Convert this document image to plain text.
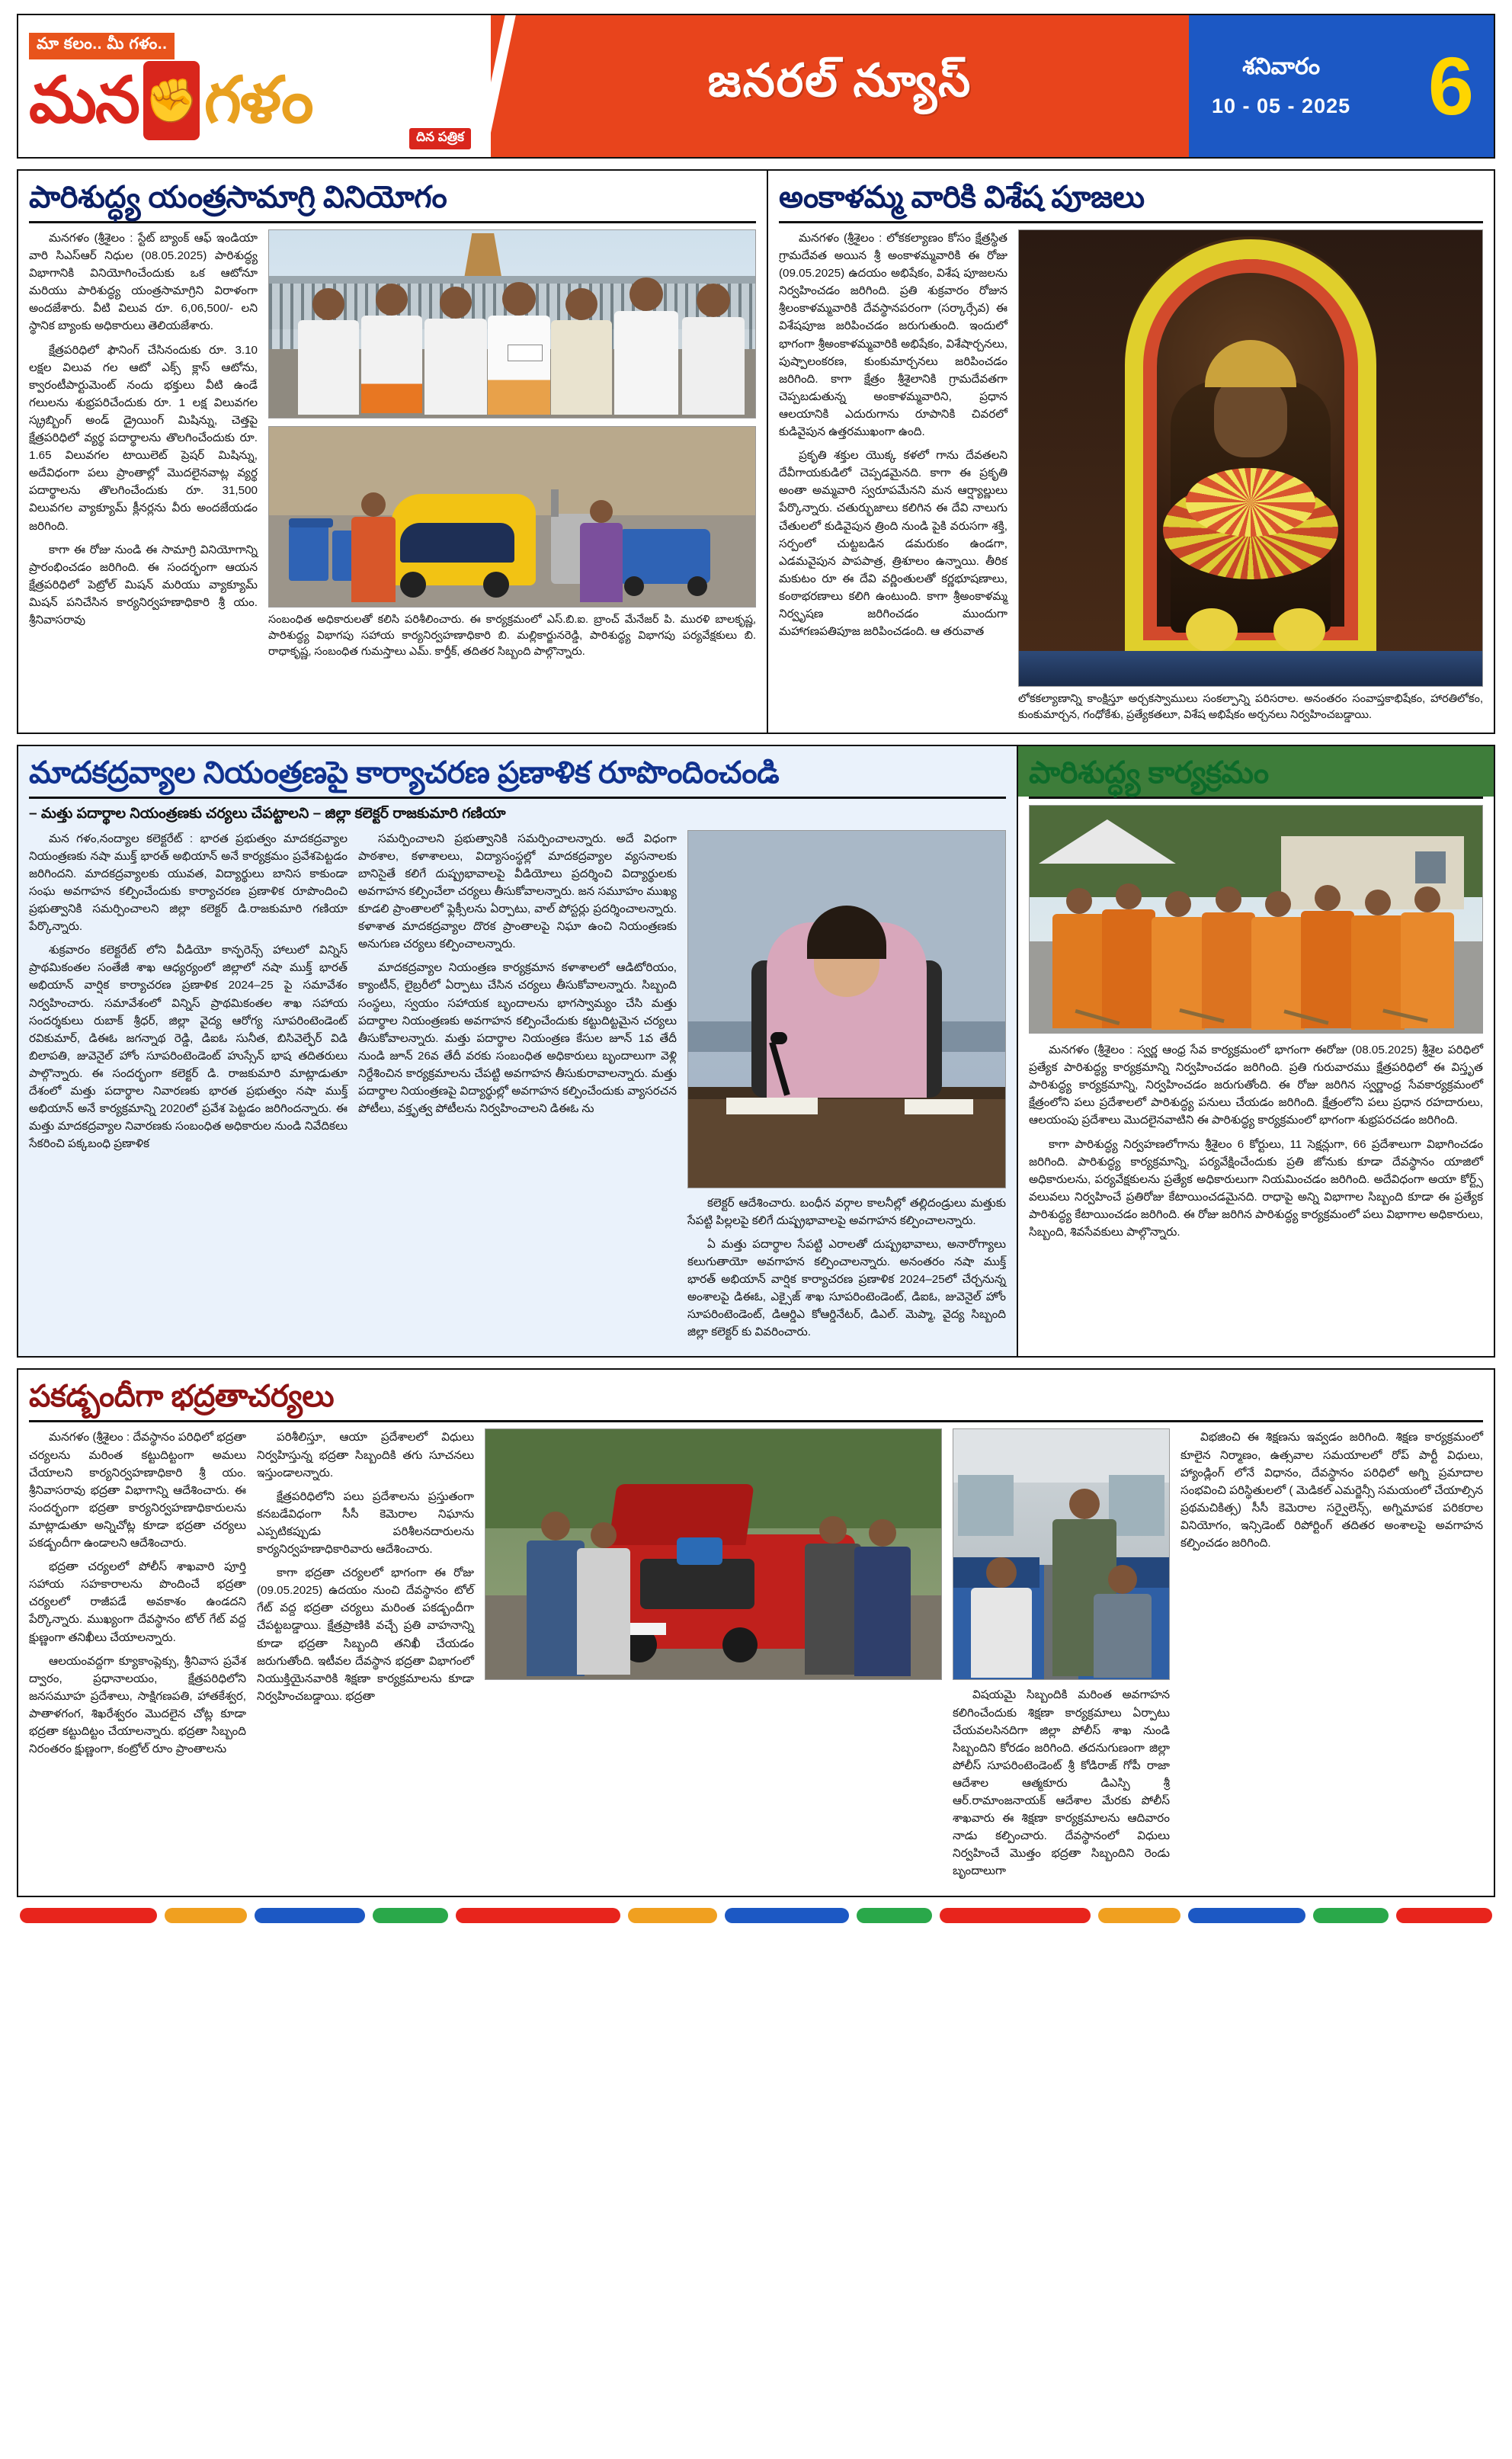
మా కలం.. మీ గళం..
మన ✊ గళం
దిన పత్రిక
జనరల్ న్యూస్	శనివారం
10 - 05 - 2025 6
పారిశుద్ధ్య యంత్రసామాగ్రి వినియోగం

మనగళం (శ్రీశైలం : స్టేట్ బ్యాంక్ ఆఫ్ ఇండియా వారి సిఎస్ఆర్ నిధుల (08.05.2025) పారిశుద్ధ్య విభాగానికి వినియోగించేందుకు ఒక ఆటోనూ మరియు పారిశుద్ధ్య యంత్రసామాగ్రిని విరాళంగా అందజేశారు. వీటి విలువ రూ. 6,06,500/- లని స్థానిక బ్యాంకు అధికారులు తెలియజేశారు.

క్షేత్రపరిధిలో ఫౌనింగ్ చేసినందుకు రూ. 3.10 లక్షల విలువ గల ఆటో ఎక్స్ క్లాస్ ఆటోను, క్వారంటీపార్టుమెంట్ నందు భక్తులు వీటి ఉండే గలులను శుభ్రపరిచేందుకు రూ. 1 లక్ష విలువగల స్క్రబ్బింగ్ అండ్ డ్రైయింగ్ మిషిన్ను, చెత్తపై క్షేత్రపరిధిలో వ్యర్థ పదార్థాలను తొలగించేందుకు రూ. 1.65 విలువగల టాయిలెట్ ప్రెషర్ మిషిన్ను, అదేవిధంగా పలు ప్రాంతాల్లో మొదలైనవాట్ల వ్యర్థ పదార్థాలను తొలగించేందుకు రూ. 31,500 విలువగల వ్యాక్యూమ్ క్లీనర్లను వీరు అందజేయడం జరిగింది.

కాగా ఈ రోజు నుండి ఈ సామాగ్రి వినియోగాన్ని ప్రారంభించడం జరిగింది. ఈ సందర్భంగా ఆయన క్షేత్రపరిధిలో పెట్రోల్ మిషన్ మరియు వ్యాక్యూమ్ మిషన్ పనిచేసిన కార్యనిర్వహణాధికారి శ్రీ యం. శ్రీనివాసరావు	సంబంధిత అధికారులతో కలిసి పరిశీలించారు. ఈ కార్యక్రమంలో ఎస్.బి.ఐ. బ్రాంచ్ మేనేజర్ పి. మురళి బాలకృష్ణ, పారిశుద్ధ్య విభాగపు సహాయ కార్యనిర్వహణాధికారి బి. మల్లికార్జునరెడ్డి, పారిశుద్ధ్య విభాగపు పర్యవేక్షకులు బి. రాధాకృష్ణ, సంబంధిత గుమస్తాలు ఎమ్. కార్తీక్, తదితర సిబ్బంది పాల్గొన్నారు.

అంకాళమ్మ వారికి విశేష పూజలు

మనగళం (శ్రీశైలం : లోకకల్యాణం కోసం క్షేత్రస్థిత గ్రామదేవత అయిన శ్రీ అంకాళమ్మవారికి ఈ రోజు (09.05.2025) ఉదయం అభిషేకం, విశేష పూజలను నిర్వహించడం జరిగింది. ప్రతి శుక్రవారం రోజున శ్రీలంకాళమ్మవారికి దేవస్థానపరంగా (సర్కార్సేవ) ఈ విశేషపూజ జరిపించడం జరుగుతుంది. ఇందులో భాగంగా శ్రీఅంకాళమ్మవారికి అభిషేకం, విశేషార్చనలు, పుష్పాలంకరణ, కుంకుమార్చనలు జరిపించడం జరిగింది. కాగా క్షేత్రం శ్రీశైలానికి గ్రామదేవతగా చెప్పబడుతున్న అంకాళమ్మవారిని, ప్రధాన ఆలయానికి ఎదురుగాను రూపానికి చివరలో కుడివైపున ఉత్తరముఖంగా ఉంది.

ప్రకృతి శక్తుల యొక్క కళలో గాను దేవతలని దేవీగాయకుడిలో చెప్పడమైనది. కాగా ఈ ప్రకృతి అంతా అమ్మవారి స్వరూపమేనని మన ఆర్ష్యాల్ణులు పేర్కొన్నారు. చతుర్భుజాలు కలిగిన ఈ దేవి నాలుగు చేతులలో కుడివైపున త్రింది నుండి పైకి వరుసగా శక్తి, సర్పంలో చుట్టబడిన డమరుకం ఉండగా, ఎడమవైపున పాపపాత్ర, త్రిశూలం ఉన్నాయి. తీరిక మకుటం రూ ఈ దేవి వర్ణింతులతో కర్ణభూషణాలు, కంఠాభరణాలు కలిగి ఉంటుంది. కాగా శ్రీఅంకాళమ్మ నిర్వృషణ జరిగించడం ముందుగా మహాగణపతిపూజ జరిపించడంది. ఆ తరువాత

లోకకల్యాణాన్ని కాంక్షిస్తూ అర్చకస్వాములు సంకల్పాన్ని పరిసరాల. అనంతరం సంవాప్తకాభిషేకం, హారతిలోకం, కుంకుమార్చన, గంధోకేశు, ప్రత్యేకతలూ, విశేష అభిషేకం అర్చనలు నిర్వహించబడ్డాయి.

మాదకద్రవ్యాల నియంత్రణపై కార్యాచరణ ప్రణాళిక రూపొందించండి
– మత్తు పదార్థాల నియంత్రణకు చర్యలు చేపట్టాలని – జిల్లా కలెక్టర్ రాజకుమారి గణియా

మన గళం,నంద్యాల కలెక్టరేట్ : భారత ప్రభుత్వం మాదకద్రవ్యాల నియంత్రణకు నషా ముక్త్ భారత్ అభియాన్ అనే కార్యక్రమం ప్రవేశపెట్టడం జరిగిందని. మాదకద్రవ్యాలకు యువత, విద్యార్థులు బానిస కాకుండా సంఘ అవగాహన కల్పించేందుకు కార్యాచరణ ప్రణాళిక రూపొందించి ప్రభుత్వానికి సమర్పించాలని జిల్లా కలెక్టర్ డి.రాజకుమారి గణియా పేర్కొన్నారు.

శుక్రవారం కలెక్టరేట్ లోని వీడియో కాన్ఫరెన్స్ హాలులో విన్నిస్ ప్రాథమికంతల సంతేజీ శాఖ ఆధ్యర్యంలో జిల్లాలో నషా ముక్త్ భారత్ అభియాన్ వార్షిక కార్యాచరణ ప్రణాళిక 2024–25 పై సమావేశం నిర్వహించారు. సమావేశంలో విన్నిస్ ప్రాథమికంతల శాఖ సహాయ సందర్శకులు రుబాక్ శ్రీధర్, జిల్లా వైద్య ఆరోగ్య సూపరింటెండెంట్ రవికుమార్, డిఈఓ జగన్నాథ రెడ్డి, డిఐఓ సునీత, బిసివెల్ఫేర్ విడి బిలాపతి, జువెనైల్ హోం సూపరింటెండెంట్ హుస్సేన్ భాష తదితరులు పాల్గొన్నారు. ఈ సందర్భంగా కలెక్టర్ డి. రాజకుమారి మాట్లాడుతూ దేశంలో మత్తు పదార్థాల నివారణకు భారత ప్రభుత్వం నషా ముక్త్ అభియాన్ అనే కార్యక్రమాన్ని 2020లో ప్రవేశ పెట్టడం జరిగిందన్నారు. ఈ మత్తు మాదకద్రవ్యాల నివారణకు సంబంధిత అధికారుల నుండి నివేదికలు సేకరించి పక్కబంధి ప్రణాళిక

సమర్పించాలని ప్రభుత్వానికి సమర్పించాలన్నారు. అదే విధంగా పాఠశాల, కళాశాలలు, విద్యాసంస్థల్లో మాదకద్రవ్యాల వ్యసనాలకు బానిసైతే కలిగే దుష్ప్రభావాలపై వీడియోలు ప్రదర్శించి విద్యార్థులకు అవగాహన కల్పించేలా చర్యలు తీసుకోవాలన్నారు. జన సమూహం ముఖ్య కూడలి ప్రాంతాలలో ఫ్లెక్సీలను ఏర్పాటు, వాల్ పోస్టర్లు ప్రదర్శించాలన్నారు. కళాశాత మాదకద్రవ్యాల దొరక ప్రాంతాలపై నిఘా ఉంచి నియంత్రణకు అనుగుణ చర్యలు కల్పించాలన్నారు.

మాదకద్రవ్యాల నియంత్రణ కార్యక్రమాన కళాశాలలో ఆడిటోరియం, క్యాంటీన్, లైబ్రరీలో ఏర్పాటు చేసిన చర్యలు తీసుకోవాలన్నారు. సిబ్బంది సంస్థలు, స్వయం సహాయక బృందాలను భాగస్వామ్యం చేసి మత్తు పదార్థాల నియంత్రణకు అవగాహన కల్పించేందుకు కట్టుదిట్టమైన చర్యలు తీసుకోవాలన్నారు. మత్తు పదార్థాల నియంత్రణ కేసుల జూన్ 1వ తేదీ నుండి జూన్ 26వ తేదీ వరకు సంబంధిత అధికారులు బృందాలుగా వెళ్లి నిర్దేశించిన కార్యక్రమాలను చేపట్టి అవగాహన తీసుకురావాలన్నారు. మత్తు పదార్థాల నియంత్రణపై విద్యార్థుల్లో అవగాహన కల్పించేందుకు వ్యాసరచన పోటీలు, వక్తృత్వ పోటీలను నిర్వహించాలని డిఈఓ ను

కలెక్టర్ ఆదేశించారు. బంధీన వర్గాల కాలనీల్లో తల్లిదండ్రులు మత్తుకు సేపట్టి పిల్లలపై కలిగే దుష్ప్రభావాలపై అవగాహన కల్పించాలన్నారు.

ఏ మత్తు పదార్థాల సేపట్టి ఎరాలతో దుష్ప్రభావాలు, అనారోగ్యాలు కలుగుతాయో అవగాహన కల్పించాలన్నారు. అనంతరం నషా ముక్త్ భారత్ అభియాన్ వార్షిక కార్యాచరణ ప్రణాళిక 2024–25లో చేర్చనున్న అంశాలపై డిఈఓ, ఎక్సైజ్ శాఖ సూపరింటెండెంట్, డిఐఓ, జువెనైల్ హోం సూపరింటెండెంట్, డిఆర్డిఎ కోఆర్డినేటర్, డిఎల్. మెప్మా, వైద్య సిబ్బంది జిల్లా కలెక్టర్ కు వివరించారు.

పారిశుద్ధ్య కార్యక్రమం

మనగళం (శ్రీశైలం : స్వర్ణ ఆంధ్ర సేవ కార్యక్రమంలో భాగంగా ఈరోజు (08.05.2025) శ్రీశైల పరిధిలో ప్రత్యేక పారిశుద్ధ్య కార్యక్రమాన్ని నిర్వహించడం జరిగింది. ప్రతి గురువారము క్షేత్రపరిధిలో ఈ విస్తృత పారిశుద్ధ్య కార్యక్రమాన్ని, నిర్వహించడం జరుగుతోంది. ఈ రోజు జరిగిన స్వర్ణాంధ్ర సేవకార్యక్రమంలో క్షేత్రంలోని పలు ప్రదేశాలలో పారిశుద్ధ్య పనులు చేయడం జరిగింది. క్షేత్రంలోని పలు ప్రధాన రహదారులు, ఆలయంపు ప్రదేశాలు మొదలైనవాటిని ఈ పారిశుద్ధ్య కార్యక్రమంలో భాగంగా శుభ్రపరచడం జరిగింది.

కాగా పారిశుద్ధ్య నిర్వహణలోగాను శ్రీశైలం 6 కోర్టులు, 11 సెక్షన్లుగా, 66 ప్రదేశాలుగా విభాగించడం జరిగింది. పారిశుద్ధ్య కార్యక్రమాన్ని, పర్యవేక్షించేందుకు ప్రతి జోనుకు కూడా దేవస్థానం యాజిలో అధికారులను, పర్యవేక్షకులను ప్రత్యేక అధికారులుగా నియమించడం జరిగింది. అదేవిధంగా అయా కోర్ట్స్ వలువలు నిర్వహించే ప్రతిరోజు కేటాయించడమైనది. రాధాపై అన్ని విభాగాల సిబ్బంది కూడా ఈ ప్రత్యేక పారిశుద్ధ్య కేటాయించడం జరిగింది. ఈ రోజు జరిగిన పారిశుద్ధ్య కార్యక్రమంలో పలు విభాగాల అధికారులు, సిబ్బంది, శివసేవకులు పాల్గొన్నారు.

పకడ్బందీగా భద్రతాచర్యలు

మనగళం (శ్రీశైలం : దేవస్థానం పరిధిలో భద్రతా చర్యలను మరింత కట్టుదిట్టంగా అమలు చేయాలని కార్యనిర్వహణాధికారి శ్రీ యం. శ్రీనివాసరావు భద్రతా విభాగాన్ని ఆదేశించారు. ఈ సందర్భంగా భద్రతా కార్యనిర్వహణాధికారులను మాట్లాడుతూ అన్నిచోట్ల కూడా భద్రతా చర్యలు పకడ్బందీగా ఉండాలని ఆదేశించారు.

భద్రతా చర్యలలో పోలీస్ శాఖవారి పూర్తి సహాయ సహకారాలను పొందించే భద్రతా చర్యలలో రాజీపడే అవకాశం ఉండదని పేర్కొన్నారు. ముఖ్యంగా దేవస్థానం టోల్ గేట్ వద్ద క్షుణ్ణంగా తనిఖీలు చేయాలన్నారు.

ఆలయంవద్దగా క్యూకాంప్లెక్సు, శ్రీనివాస ప్రవేశ ద్వారం, ప్రధానాలయం, క్షేత్రపరిధిలోని జనసమూహ ప్రదేశాలు, సాక్షిగణపతి, హాతకేశ్వర, పాతాళగంగ, శిఖరేశ్వరం మొదలైన చోట్ల కూడా భద్రతా కట్టుదిట్టం చేయాలన్నారు. భద్రతా సిబ్బంది నిరంతరం క్షుణ్ణంగా, కంట్రోల్ రూం ప్రాంతాలను

పరిశీలిస్తూ, ఆయా ప్రదేశాలలో విధులు నిర్వహిస్తున్న భద్రతా సిబ్బందికి తగు సూచనలు ఇస్తుండాలన్నారు.

క్షేత్రపరిధిలోని పలు ప్రదేశాలను ప్రస్తుతంగా కనబడేవిధంగా సీసీ కెమెరాల నిఘాను ఎప్పటికప్పుడు పరిశీలనదారులను కార్యనిర్వహణాధికారివారు ఆదేశించారు.

కాగా భద్రతా చర్యలలో భాగంగా ఈ రోజు (09.05.2025) ఉదయం నుంచి దేవస్థానం టోల్ గేట్ వద్ద భద్రతా చర్యలు మరింత పకడ్బందీగా చేపట్టబడ్డాయి. క్షేత్రప్రాణికి వచ్చే ప్రతి వాహనాన్ని కూడా భద్రతా సిబ్బంది తనిఖీ చేయడం జరుగుతోంది. ఇటీవల దేవస్థాన భద్రతా విభాగంలో నియుక్తియైనవారికి శిక్షణా కార్యక్రమాలను కూడా నిర్వహించబడ్డాయి. భద్రతా	విషయమై సిబ్బందికి మరింత అవగాహన కలిగించేందుకు శిక్షణా కార్యక్రమాలు ఏర్పాటు చేయవలసినదిగా జిల్లా పోలీస్ శాఖ నుండి సిబ్బందిని కోరడం జరిగింది. తదనుగుణంగా జిల్లా పోలీస్ సూపరింటెండెంట్ శ్రీ కోడిరాజ్ గోపీ రాజా ఆదేశాల ఆత్మకూరు డిఎస్పి శ్రీ ఆర్.రామాంజనాయక్ ఆదేశాల మేరకు పోలీస్ శాఖవారు ఈ శిక్షణా కార్యక్రమాలను ఆదివారం నాడు కల్పించారు. దేవస్థానంలో విధులు నిర్వహించే మొత్తం భద్రతా సిబ్బందిని రెండు బృందాలుగా

విభజించి ఈ శిక్షణను ఇవ్వడం జరిగింది. శిక్షణ కార్యక్రమంలో కూలైన నిర్మాణం, ఉత్సవాల సమయాలలో రోప్ పార్టీ విధులు, హ్యాండ్లింగ్ లోనే విధానం, దేవస్థానం పరిధిలో అగ్ని ప్రమాదాల సంభవించి పరిస్థితులలో ( మెడికల్ ఎమర్జెన్సీ సమయంలో చేయాల్సిన ప్రథమచికిత్స) సీసీ కెమెరాల సర్వైలెన్స్, అగ్నిమాపక పరికరాల వినియోగం, ఇన్సిడెంట్ రిపోర్టింగ్ తదితర అంశాలపై అవగాహన కల్పించడం జరిగింది.
